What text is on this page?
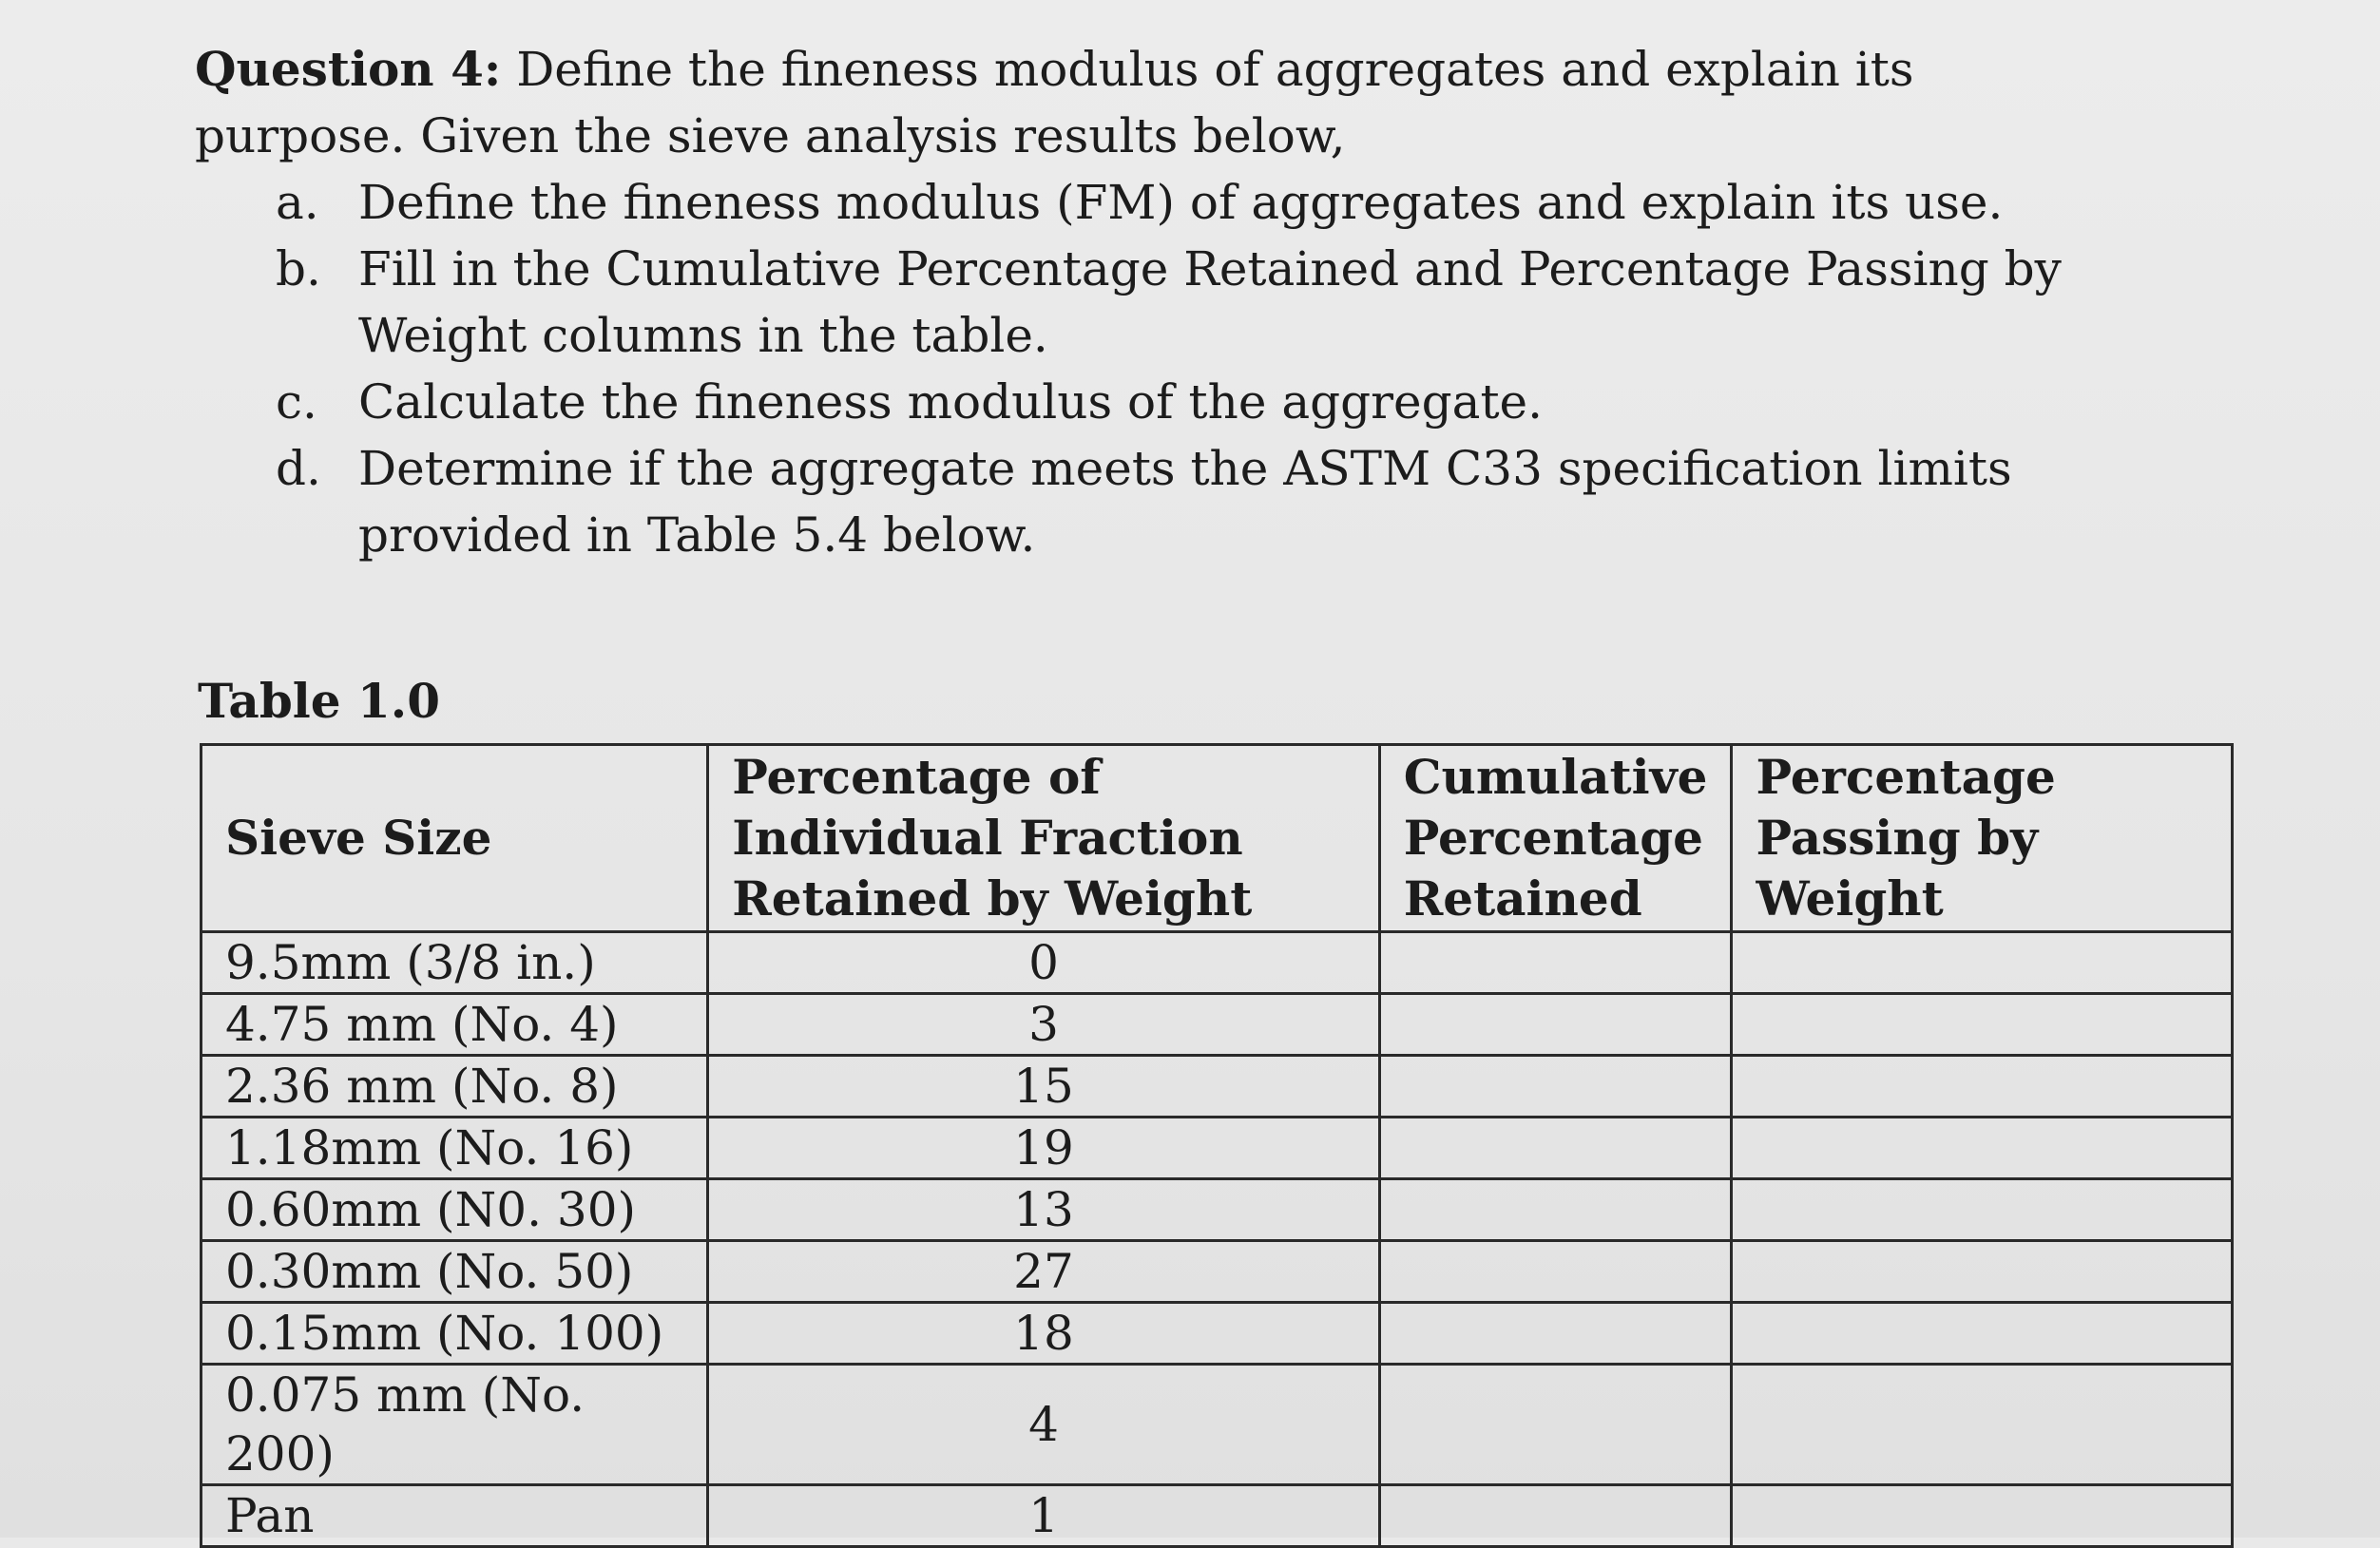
Question 4: Define the fineness modulus of aggregates and explain its purpose. Given the sieve analysis results below,
a. Define the fineness modulus (FM) of aggregates and explain its use.
b. Fill in the Cumulative Percentage Retained and Percentage Passing by Weight columns in the table.
c. Calculate the fineness modulus of the aggregate.
d. Determine if the aggregate meets the ASTM C33 specification limits provided in Table 5.4 below.
Table 1.0
Sieve Size	Percentage of Individual Fraction Retained by Weight	Cumulative Percentage Retained	Percentage Passing by Weight
9.5mm (3/8 in.)	0		
4.75 mm (No. 4)	3		
2.36 mm (No. 8)	15		
1.18mm (No. 16)	19		
0.60mm (N0. 30)	13		
0.30mm (No. 50)	27		
0.15mm (No. 100)	18		
0.075 mm (No. 200)	4		
Pan	1		
